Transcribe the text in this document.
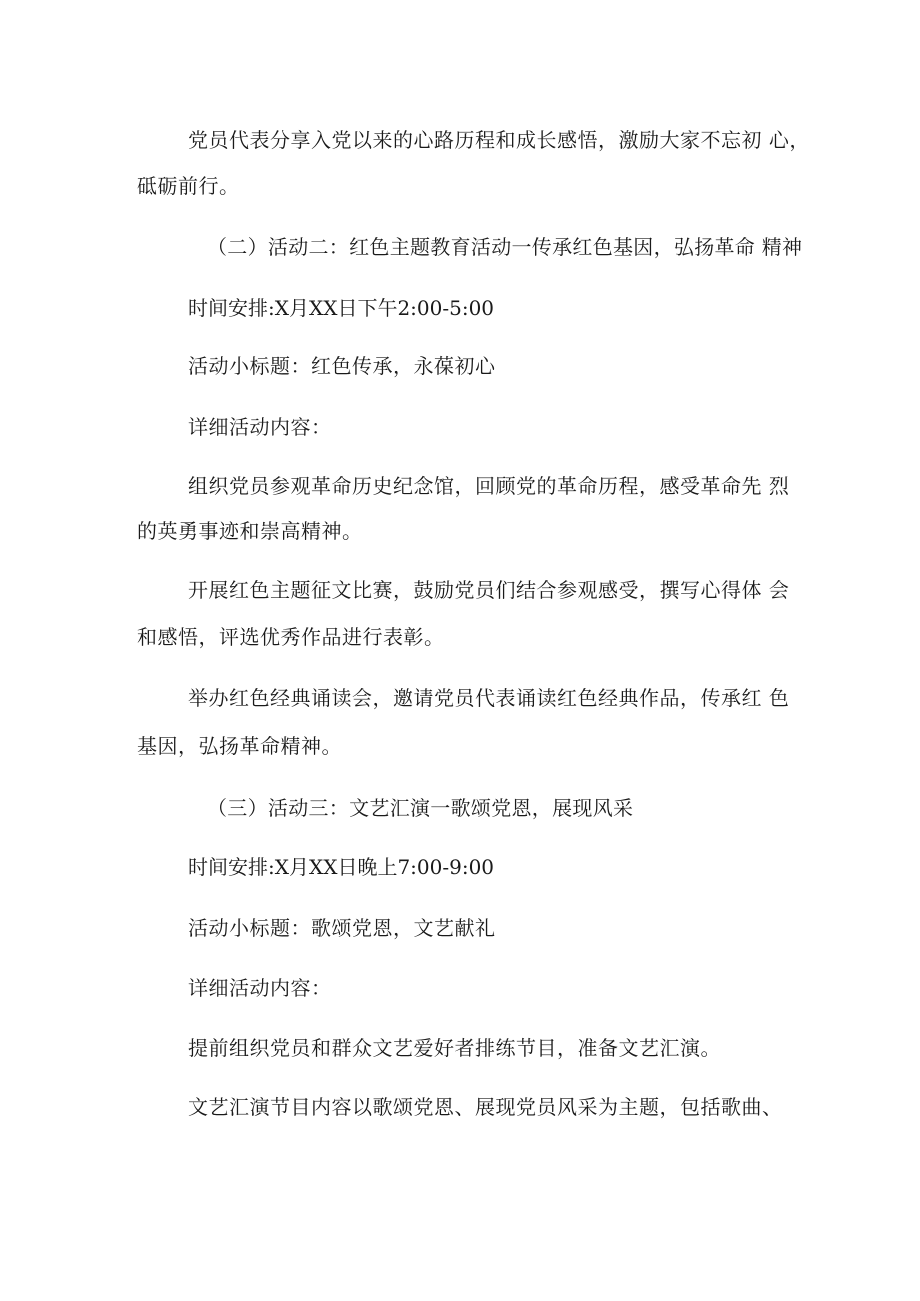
党员代表分享入党以来的心路历程和成长感悟，激励大家不忘初 心，
砥砺前行。
（二）活动二：红色主题教育活动一传承红色基因，弘扬革命 精神
时间安排:X月XX日下午2:00-5:00
活动小标题：红色传承，永葆初心
详细活动内容：
组织党员参观革命历史纪念馆，回顾党的革命历程，感受革命先 烈
的英勇事迹和崇高精神。
开展红色主题征文比赛，鼓励党员们结合参观感受，撰写心得体 会
和感悟，评选优秀作品进行表彰。
举办红色经典诵读会，邀请党员代表诵读红色经典作品，传承红 色
基因，弘扬革命精神。
（三）活动三：文艺汇演一歌颂党恩，展现风采
时间安排:X月XX日晚上7:00-9:00
活动小标题：歌颂党恩，文艺献礼
详细活动内容：
提前组织党员和群众文艺爱好者排练节目，准备文艺汇演。
文艺汇演节目内容以歌颂党恩、展现党员风采为主题，包括歌曲、
